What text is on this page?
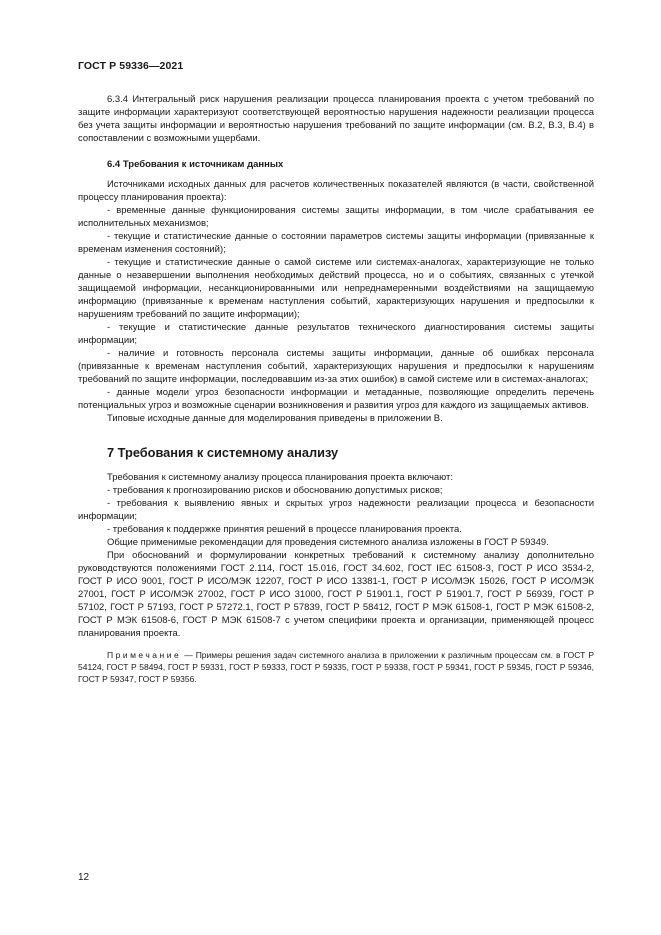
ГОСТ Р 59336—2021

6.3.4 Интегральный риск нарушения реализации процесса планирования проекта с учетом требований по защите информации характеризуют соответствующей вероятностью нарушения надежности реализации процесса без учета защиты информации и вероятностью нарушения требований по защите информации (см. В.2, В.3, В.4) в сопоставлении с возможными ущербами.

6.4 Требования к источникам данных

Источниками исходных данных для расчетов количественных показателей являются (в части, свойственной процессу планирования проекта):

- временные данные функционирования системы защиты информации, в том числе срабатывания ее исполнительных механизмов;

- текущие и статистические данные о состоянии параметров системы защиты информации (привязанные к временам изменения состояний);

- текущие и статистические данные о самой системе или системах-аналогах, характеризующие не только данные о незавершении выполнения необходимых действий процесса, но и о событиях, связанных с утечкой защищаемой информации, несанкционированными или непреднамеренными воздействиями на защищаемую информацию (привязанные к временам наступления событий, характеризующих нарушения и предпосылки к нарушениям требований по защите информации);

- текущие и статистические данные результатов технического диагностирования системы защиты информации;

- наличие и готовность персонала системы защиты информации, данные об ошибках персонала (привязанные к временам наступления событий, характеризующих нарушения и предпосылки к нарушениям требований по защите информации, последовавшим из-за этих ошибок) в самой системе или в системах-аналогах;

- данные модели угроз безопасности информации и метаданные, позволяющие определить перечень потенциальных угроз и возможные сценарии возникновения и развития угроз для каждого из защищаемых активов.

Типовые исходные данные для моделирования приведены в приложении В.

7 Требования к системному анализу

Требования к системному анализу процесса планирования проекта включают:

- требования к прогнозированию рисков и обоснованию допустимых рисков;

- требования к выявлению явных и скрытых угроз надежности реализации процесса и безопасности информации;

- требования к поддержке принятия решений в процессе планирования проекта.

Общие применимые рекомендации для проведения системного анализа изложены в ГОСТ Р 59349.

При обоснований и формулировании конкретных требований к системному анализу дополнительно руководствуются положениями ГОСТ 2.114, ГОСТ 15.016, ГОСТ 34.602, ГОСТ IEC 61508-3, ГОСТ Р ИСО 3534-2, ГОСТ Р ИСО 9001, ГОСТ Р ИСО/МЭК 12207, ГОСТ Р ИСО 13381-1, ГОСТ Р ИСО/МЭК 15026, ГОСТ Р ИСО/МЭК 27001, ГОСТ Р ИСО/МЭК 27002, ГОСТ Р ИСО 31000, ГОСТ Р 51901.1, ГОСТ Р 51901.7, ГОСТ Р 56939, ГОСТ Р 57102, ГОСТ Р 57193, ГОСТ Р 57272.1, ГОСТ Р 57839, ГОСТ Р 58412, ГОСТ Р МЭК 61508-1, ГОСТ Р МЭК 61508-2, ГОСТ Р МЭК 61508-6, ГОСТ Р МЭК 61508-7 с учетом специфики проекта и организации, применяющей процесс планирования проекта.

Примечание — Примеры решения задач системного анализа в приложении к различным процессам см. в ГОСТ Р 54124, ГОСТ Р 58494, ГОСТ Р 59331, ГОСТ Р 59333, ГОСТ Р 59335, ГОСТ Р 59338, ГОСТ Р 59341, ГОСТ Р 59345, ГОСТ Р 59346, ГОСТ Р 59347, ГОСТ Р 59356.

12
